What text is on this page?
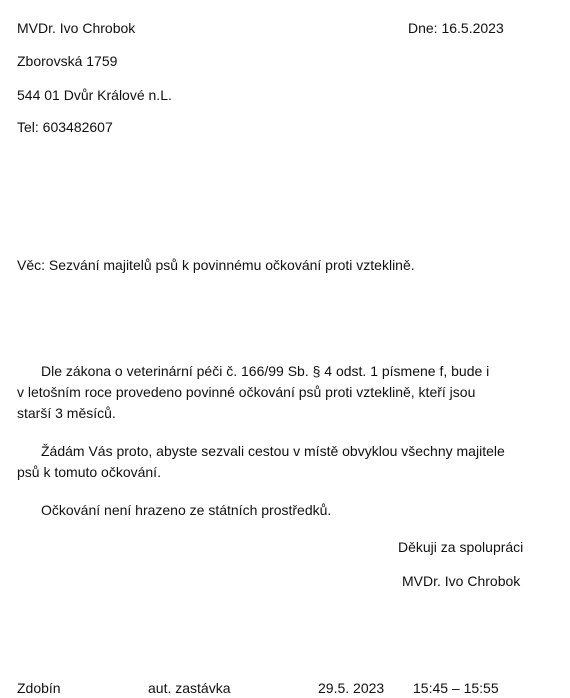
MVDr. Ivo Chrobok	Dne: 16.5.2023
Zborovská 1759
544 01 Dvůr Králové n.L.
Tel: 603482607
Věc: Sezvání majitelů psů k povinnému očkování proti vzteklině.
Dle zákona o veterinární péči č. 166/99 Sb. § 4 odst. 1 písmene f, bude i
v letošním roce provedeno povinné očkování psů proti vzteklině, kteří jsou
starší 3 měsíců.
Žádám Vás proto, abyste sezvali cestou v místě obvyklou všechny majitele
psů k tomuto očkování.
Očkování není hrazeno ze státních prostředků.
Děkuji za spolupráci
MVDr. Ivo Chrobok
Zdobín	aut. zastávka	29.5. 2023 15:45 – 15:55
